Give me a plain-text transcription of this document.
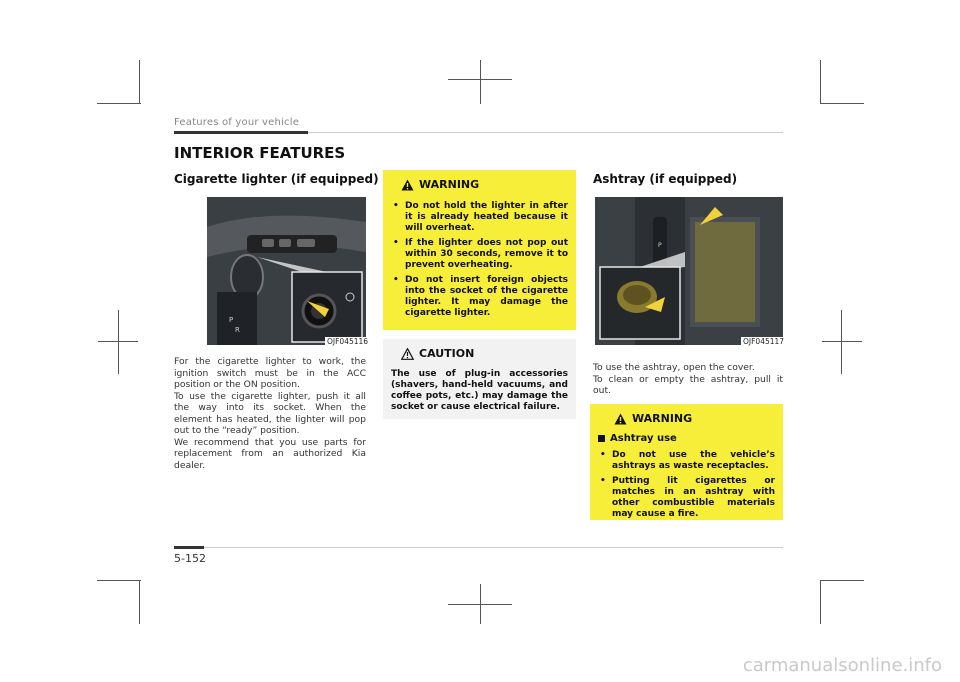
Features of your vehicle
INTERIOR FEATURES
Cigarette lighter (if equipped)
P
R
OJF045116
For the cigarette lighter to work, the ignition switch must be in the ACC position or the ON position.
To use the cigarette lighter, push it all the way into its socket. When the element has heated, the lighter will pop out to the “ready” position.
We recommend that you use parts for replacement from an authorized Kia dealer.
WARNING
• Do not hold the lighter in after it is already heated because it will overheat.
• If the lighter does not pop out within 30 seconds, remove it to prevent overheating.
• Do not insert foreign objects into the socket of the cigarette lighter. It may damage the cigarette lighter.
CAUTION
The use of plug-in accessories (shavers, hand-held vacuums, and coffee pots, etc.) may damage the socket or cause electrical failure.
Ashtray (if equipped)
P
OJF045117
To use the ashtray, open the cover.
To clean or empty the ashtray, pull it out.
WARNING
Ashtray use
• Do not use the vehicle’s ashtrays as waste receptacles.
• Putting lit cigarettes or matches in an ashtray with other combustible materials may cause a fire.
5-152
carmanualsonline.info
